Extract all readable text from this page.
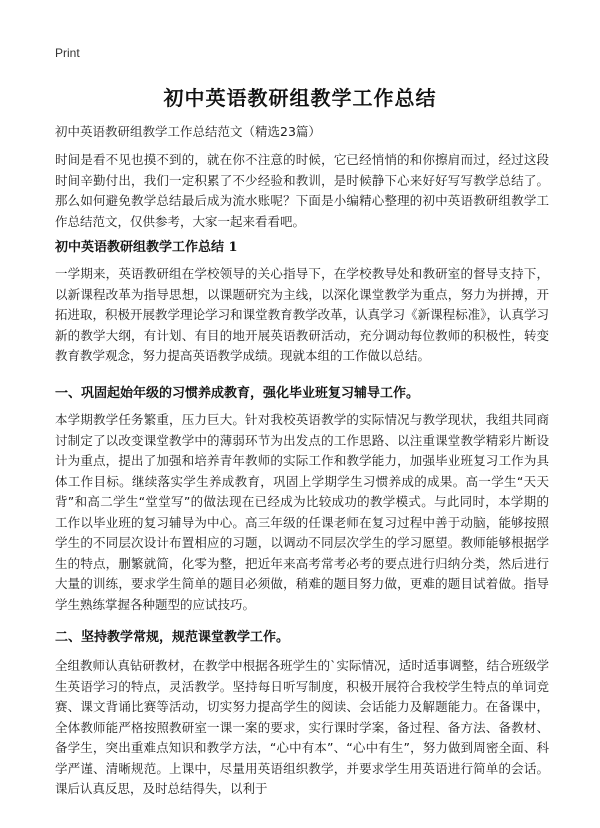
Print
初中英语教研组教学工作总结
初中英语教研组教学工作总结范文（精选23篇）
时间是看不见也摸不到的，就在你不注意的时候，它已经悄悄的和你擦肩而过，经过这段时间辛勤付出，我们一定积累了不少经验和教训，是时候静下心来好好写写教学总结了。那么如何避免教学总结最后成为流水账呢？下面是小编精心整理的初中英语教研组教学工作总结范文，仅供参考，大家一起来看看吧。
初中英语教研组教学工作总结 1
一学期来，英语教研组在学校领导的关心指导下，在学校教导处和教研室的督导支持下，以新课程改革为指导思想，以课题研究为主线，以深化课堂教学为重点，努力为拼搏，开拓进取，积极开展教学理论学习和课堂教育教学改革，认真学习《新课程标准》，认真学习新的教学大纲，有计划、有目的地开展英语教研活动，充分调动每位教师的积极性，转变教育教学观念，努力提高英语教学成绩。现就本组的工作做以总结。
一、巩固起始年级的习惯养成教育，强化毕业班复习辅导工作。
本学期教学任务繁重，压力巨大。针对我校英语教学的实际情况与教学现状，我组共同商讨制定了以改变课堂教学中的薄弱环节为出发点的工作思路、以注重课堂教学精彩片断设计为重点，提出了加强和培养青年教师的实际工作和教学能力，加强毕业班复习工作为具体工作目标。继续落实学生养成教育，巩固上学期学生习惯养成的成果。高一学生“天天背”和高二学生“堂堂写”的做法现在已经成为比较成功的教学模式。与此同时，本学期的工作以毕业班的复习辅导为中心。高三年级的任课老师在复习过程中善于动脑，能够按照学生的不同层次设计布置相应的习题，以调动不同层次学生的学习愿望。教师能够根据学生的特点，删繁就简，化零为整，把近年来高考常考必考的要点进行归纳分类，然后进行大量的训练，要求学生简单的题目必须做，稍难的题目努力做，更难的题目试着做。指导学生熟练掌握各种题型的应试技巧。
二、坚持教学常规，规范课堂教学工作。
全组教师认真钻研教材，在教学中根据各班学生的`实际情况，适时适事调整，结合班级学生英语学习的特点，灵活教学。坚持每日听写制度，积极开展符合我校学生特点的单词竞赛、课文背诵比赛等活动，切实努力提高学生的阅读、会话能力及解题能力。在备课中，全体教师能严格按照教研室一课一案的要求，实行课时学案，备过程、备方法、备教材、备学生，突出重难点知识和教学方法，“心中有本”、“心中有生”，努力做到周密全面、科学严谨、清晰规范。上课中，尽量用英语组织教学，并要求学生用英语进行简单的会话。课后认真反思，及时总结得失，以利于
